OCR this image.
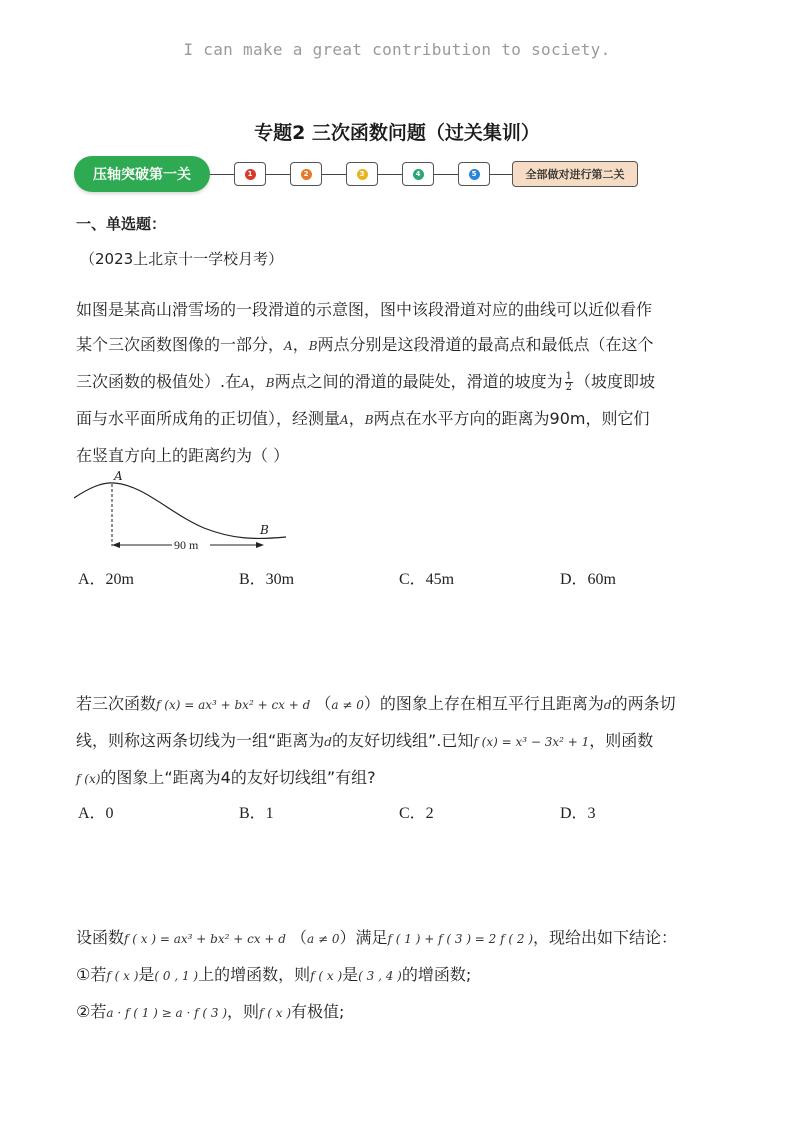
I can make a great contribution to society.
专题2 三次函数问题（过关集训）
压轴突破第一关	1	2	3	4	5	全部做对进行第二关
一、单选题：
（2023上北京十一学校月考）
如图是某高山滑雪场的一段滑道的示意图，图中该段滑道对应的曲线可以近似看作
某个三次函数图像的一部分，A，B两点分别是这段滑道的最高点和最低点（在这个
三次函数的极值处）.在A，B两点之间的滑道的最陡处，滑道的坡度为 $\frac{1}{2}$ （坡度即坡
面与水平面所成角的正切值），经测量A，B两点在水平方向的距离为90m，则它们
在竖直方向上的距离约为（ ）
A
B
90 m
A．20m	B．30m	C．45m	D．60m
若三次函数f (x) = ax³ + bx² + cx + d （a ≠ 0）的图象上存在相互平行且距离为d的两条切
线，则称这两条切线为一组“距离为d的友好切线组”.已知f (x) = x³ − 3x² + 1，则函数
f (x)的图象上“距离为4的友好切线组”有组?
A．0	B．1	C．2	D．3
设函数f ( x ) = ax³ + bx² + cx + d （a ≠ 0）满足f ( 1 ) + f ( 3 ) = 2 f ( 2 )，现给出如下结论：
①若f ( x )是( 0 , 1 )上的增函数，则f ( x )是( 3 , 4 )的增函数;
②若a · f ( 1 ) ≥ a · f ( 3 )，则f ( x )有极值;
